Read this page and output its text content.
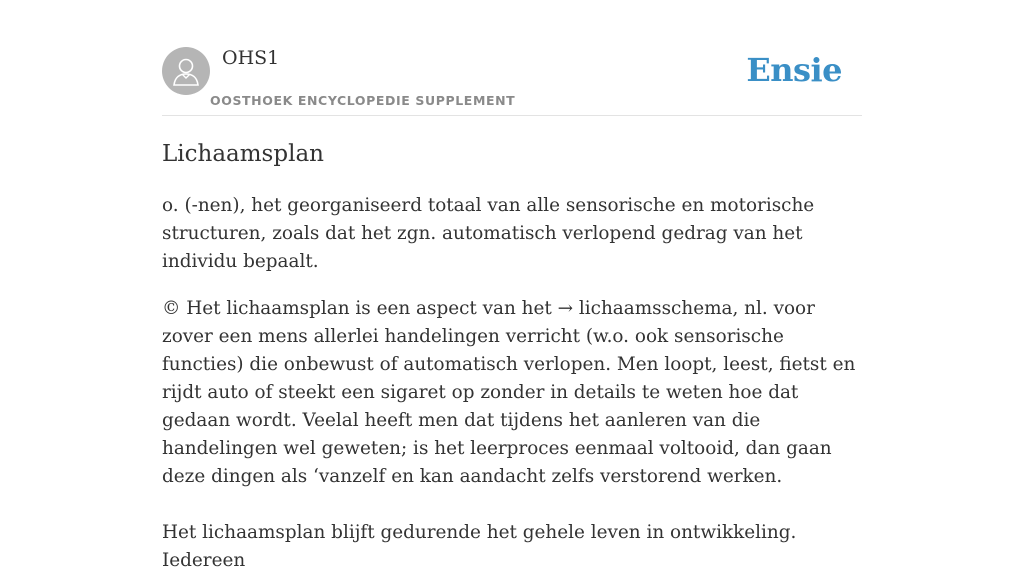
OHS1
OOSTHOEK ENCYCLOPEDIE SUPPLEMENT
Ensie
Lichaamsplan

o. (-nen), het georganiseerd totaal van alle sensorische en motorische structuren, zoals dat het zgn. automatisch verlopend gedrag van het individu bepaalt.

© Het lichaamsplan is een aspect van het → lichaamsschema, nl. voor zover een mens allerlei handelingen verricht (w.o. ook sensorische functies) die onbewust of automatisch verlopen. Men loopt, leest, fietst en rijdt auto of steekt een sigaret op zonder in details te weten hoe dat gedaan wordt. Veelal heeft men dat tijdens het aanleren van die handelingen wel geweten; is het leerproces eenmaal voltooid, dan gaan deze dingen als ‘vanzelf en kan aandacht zelfs verstorend werken.

Het lichaamsplan blijft gedurende het gehele leven in ontwikkeling. Iedereen
